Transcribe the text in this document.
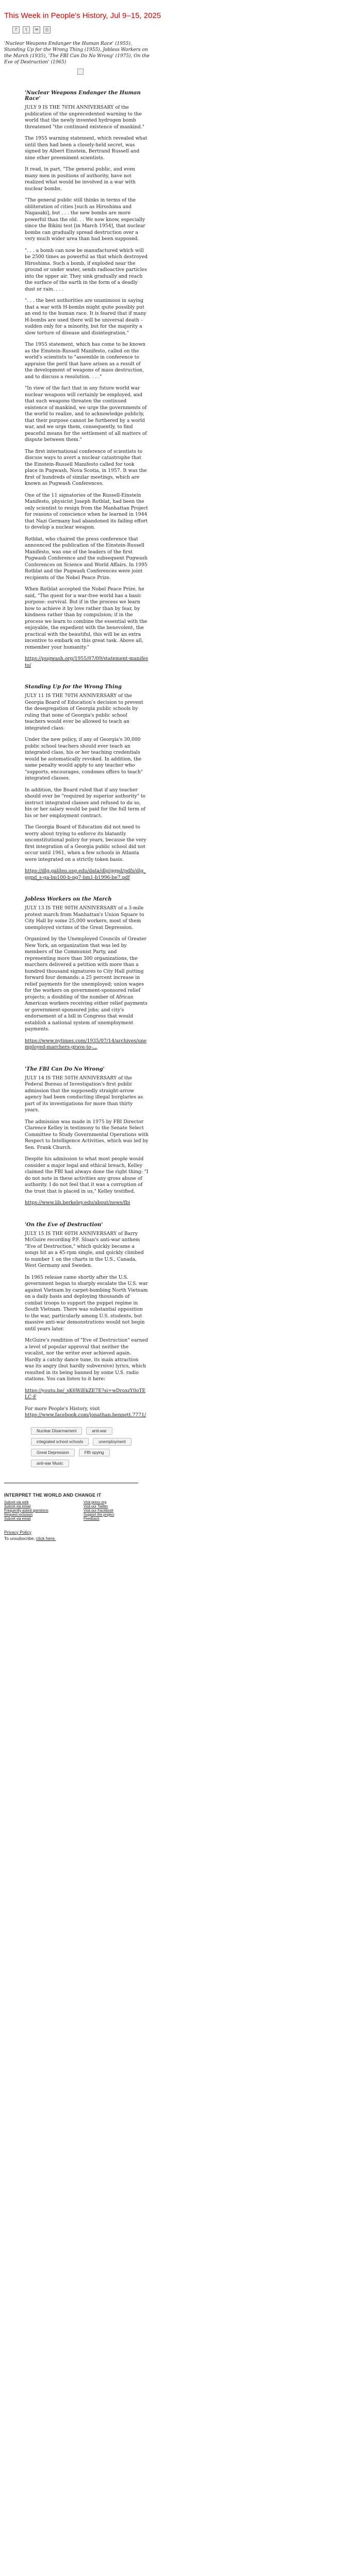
This Week in People's History, Jul 9–15, 2025
f	t	✉	⎙
'Nuclear Weapons Endanger the Human Race' (1955), Standing Up for the Wrong Thing (1955), Jobless Workers on the March (1935), 'The FBI Can Do No Wrong' (1975), On the Eve of Destruction' (1965)
'Nuclear Weapons Endanger the Human Race'

JULY 9 IS THE 70TH ANNIVERSARY of the publication of the unprecedented warning to the world that the newly invented hydrogen bomb threatened "the continued existence of mankind."

The 1955 warning statement, which revealed what until then had been a closely-held secret, was signed by Albert Einstein, Bertrand Russell and nine other preeminent scientists.

It read, in part, "The general public, and even many men in positions of authority, have not realized what would be involved in a war with nuclear bombs.

"The general public still thinks in terms of the obliteration of cities [such as Hiroshima and Nagasaki], but . . . the new bombs are more powerful than the old. . . We now know, especially since the Bikini test [in March 1954], that nuclear bombs can gradually spread destruction over a very much wider area than had been supposed.

". . . a bomb can now be manufactured which will be 2500 times as powerful as that which destroyed Hiroshima. Such a bomb, if exploded near the ground or under water, sends radioactive particles into the upper air. They sink gradually and reach the surface of the earth in the form of a deadly dust or rain. . . .

". . . the best authorities are unanimous in saying that a war with H-bombs might quite possibly put an end to the human race. It is feared that if many H-bombs are used there will be universal death – sudden only for a minority, but for the majority a slow torture of disease and disintegration."

The 1955 statement, which has come to be known as the Einstein-Russell Manifesto, called on the world's scientists to "assemble in conference to appraise the peril that have arisen as a result of the development of weapons of mass destruction, and to discuss a resolution. . . ."

"In view of the fact that in any future world war nuclear weapons will certainly be employed, and that such weapons threaten the continued existence of mankind, we urge the governments of the world to realize, and to acknowledge publicly, that their purpose cannot be furthered by a world war, and we urge them, consequently, to find peaceful means for the settlement of all matters of dispute between them."

The first international conference of scientists to discuss ways to avert a nuclear catastrophe that the Einstein-Russell Manifesto called for took place in Pugwash, Nova Scotia, in 1957. It was the first of hundreds of similar meetings, which are known as Pugwash Conferences.

One of the 11 signatories of the Russell-Einstein Manifesto, physicist Joseph Rotblat, had been the only scientist to resign from the Manhattan Project for reasons of conscience when he learned in 1944 that Nazi Germany had abandoned its failing effort to develop a nuclear weapon.

Rotblat, who chaired the press conference that announced the publication of the Einstein-Russell Manifesto, was one of the leaders of the first Pugwash Conference and the subsequent Pugwash Conferences on Science and World Affairs. In 1995 Rotblat and the Pugwash Conferences were joint recipients of the Nobel Peace Prize.

When Rotblat accepted the Nobel Peace Prize, he said, "The quest for a war-free world has a basic purpose: survival. But if in the process we learn how to achieve it by love rather than by fear, by kindness rather than by compulsion; if in the process we learn to combine the essential with the enjoyable, the expedient with the benevolent, the practical with the beautiful, this will be an extra incentive to embark on this great task. Above all, remember your humanity."

https://pugwash.org/1955/07/09/statement-manifesto/

Standing Up for the Wrong Thing

JULY 11 IS THE 70TH ANNIVERSARY of the Georgia Board of Education's decision to prevent the desegregation of Georgia public schools by ruling that none of Georgia's public school teachers would ever be allowed to teach an integrated class.

Under the new policy, if any of Georgia's 30,000 public school teachers should ever teach an integrated class, his or her teaching credentials would be automatically revoked. In addition, the same penalty would apply to any teacher who "supports, encourages, condones offers to teach" integrated classes.

In addition, the Board ruled that if any teacher should ever be "required by superior authority" to instruct integrated classes and refused to do so, his or her salary would be paid for the full term of his or her employment contract.

The Georgia Board of Education did not need to worry about trying to enforce its blatantly unconstitutional policy for years, because the very first integration of a Georgia public school did not occur until 1961, when a few schools in Atlanta were integrated on a strictly token basis.

https://dlg.galileo.usg.edu/data/dlg/ggpd/pdfs/dlg_ggpd_s-ga-bp100-b-pg7-bm1-b1996-be7.pdf

Jobless Workers on the March

JULY 13 IS THE 90TH ANNIVERSARY of a 3-mile protest march from Manhattan's Union Square to City Hall by some 25,000 workers, most of them unemployed victims of the Great Depression.

Organized by the Unemployed Councils of Greater New York, an organization that was led by members of the Communist Party, and representing more than 300 organizations, the marchers delivered a petition with more than a hundred thousand signatures to City Hall putting forward four demands: a 25 percent increase in relief payments for the unemployed; union wages for the workers on government-sponsored relief projects; a doubling of the number of African American workers receiving either relief payments or government-sponsored jobs; and city's endorsement of a bill in Congress that would establish a national system of unemployment payments.

https://www.nytimes.com/1935/07/14/archives/unemployed-marchers-grave-to-...

'The FBI Can Do No Wrong'

JULY 14 IS THE 50TH ANNIVERSARY of the Federal Bureau of Investigation's first public admission that the supposedly straight-arrow agency had been conducting illegal burglaries as part of its investigations for more than thirty years.

The admission was made in 1975 by FBI Director Clarence Kelley in testimony to the Senate Select Committee to Study Governmental Operations with Respect to Intelligence Activities, which was led by Sen. Frank Church.

Despite his admission to what most people would consider a major legal and ethical breach, Kelley claimed the FBI had always done the right thing: "I do not note in these activities any gross abuse of authority. I do not feel that it was a corruption of the trust that is placed in us," Kelley testified.

https://www.lib.berkeley.edu/about/news/fbi

'On the Eve of Destruction'

JULY 15 IS THE 60TH ANNIVERSARY of Barry McGuire recording P.F. Sloan's anti-war anthem "Eve of Destruction," which quickly became a songs hit as a 45-rpm single, and quickly climbed to number 1 on the charts in the U.S., Canada, West Germany and Sweden.

In 1965 release came shortly after the U.S. government began to sharply escalate the U.S. war against Vietnam by carpet-bombing North Vietnam on a daily basis and deploying thousands of combat troops to support the puppet regime in South Vietnam. There was substantial opposition to the war, particularly among U.S. students, but massive anti-war demonstrations would not begin until years later.

McGuire's rendition of "Eve of Destruction" earned a level of popular approval that neither the vocalist, nor the writer ever achieved again. Hardly a catchy dance tune, its main attraction was its angry (but hardly subversive) lyrics, which resulted in its being banned by some U.S. radio stations. You can listen to it here:

https://youtu.be/_sK6WiEkZE7E?si=wDroszY0oTELC-F

For more People's History, visit
https://www.facebook.com/jonathan.bennett.7771/

Nuclear Disarmament	anti-war
integrated school schools	unemployment
Great Depression	FBI spying
anti-war Music
INTERPRET THE WORLD AND CHANGE IT
Submit via web	Visit press.org
Submit via email	Visit our Twitter
Frequently asked questions	Visit our Facebook
Request inclusion	Support the project
Submit via email	Feedback
Privacy Policy
To unsubscribe, click here.
